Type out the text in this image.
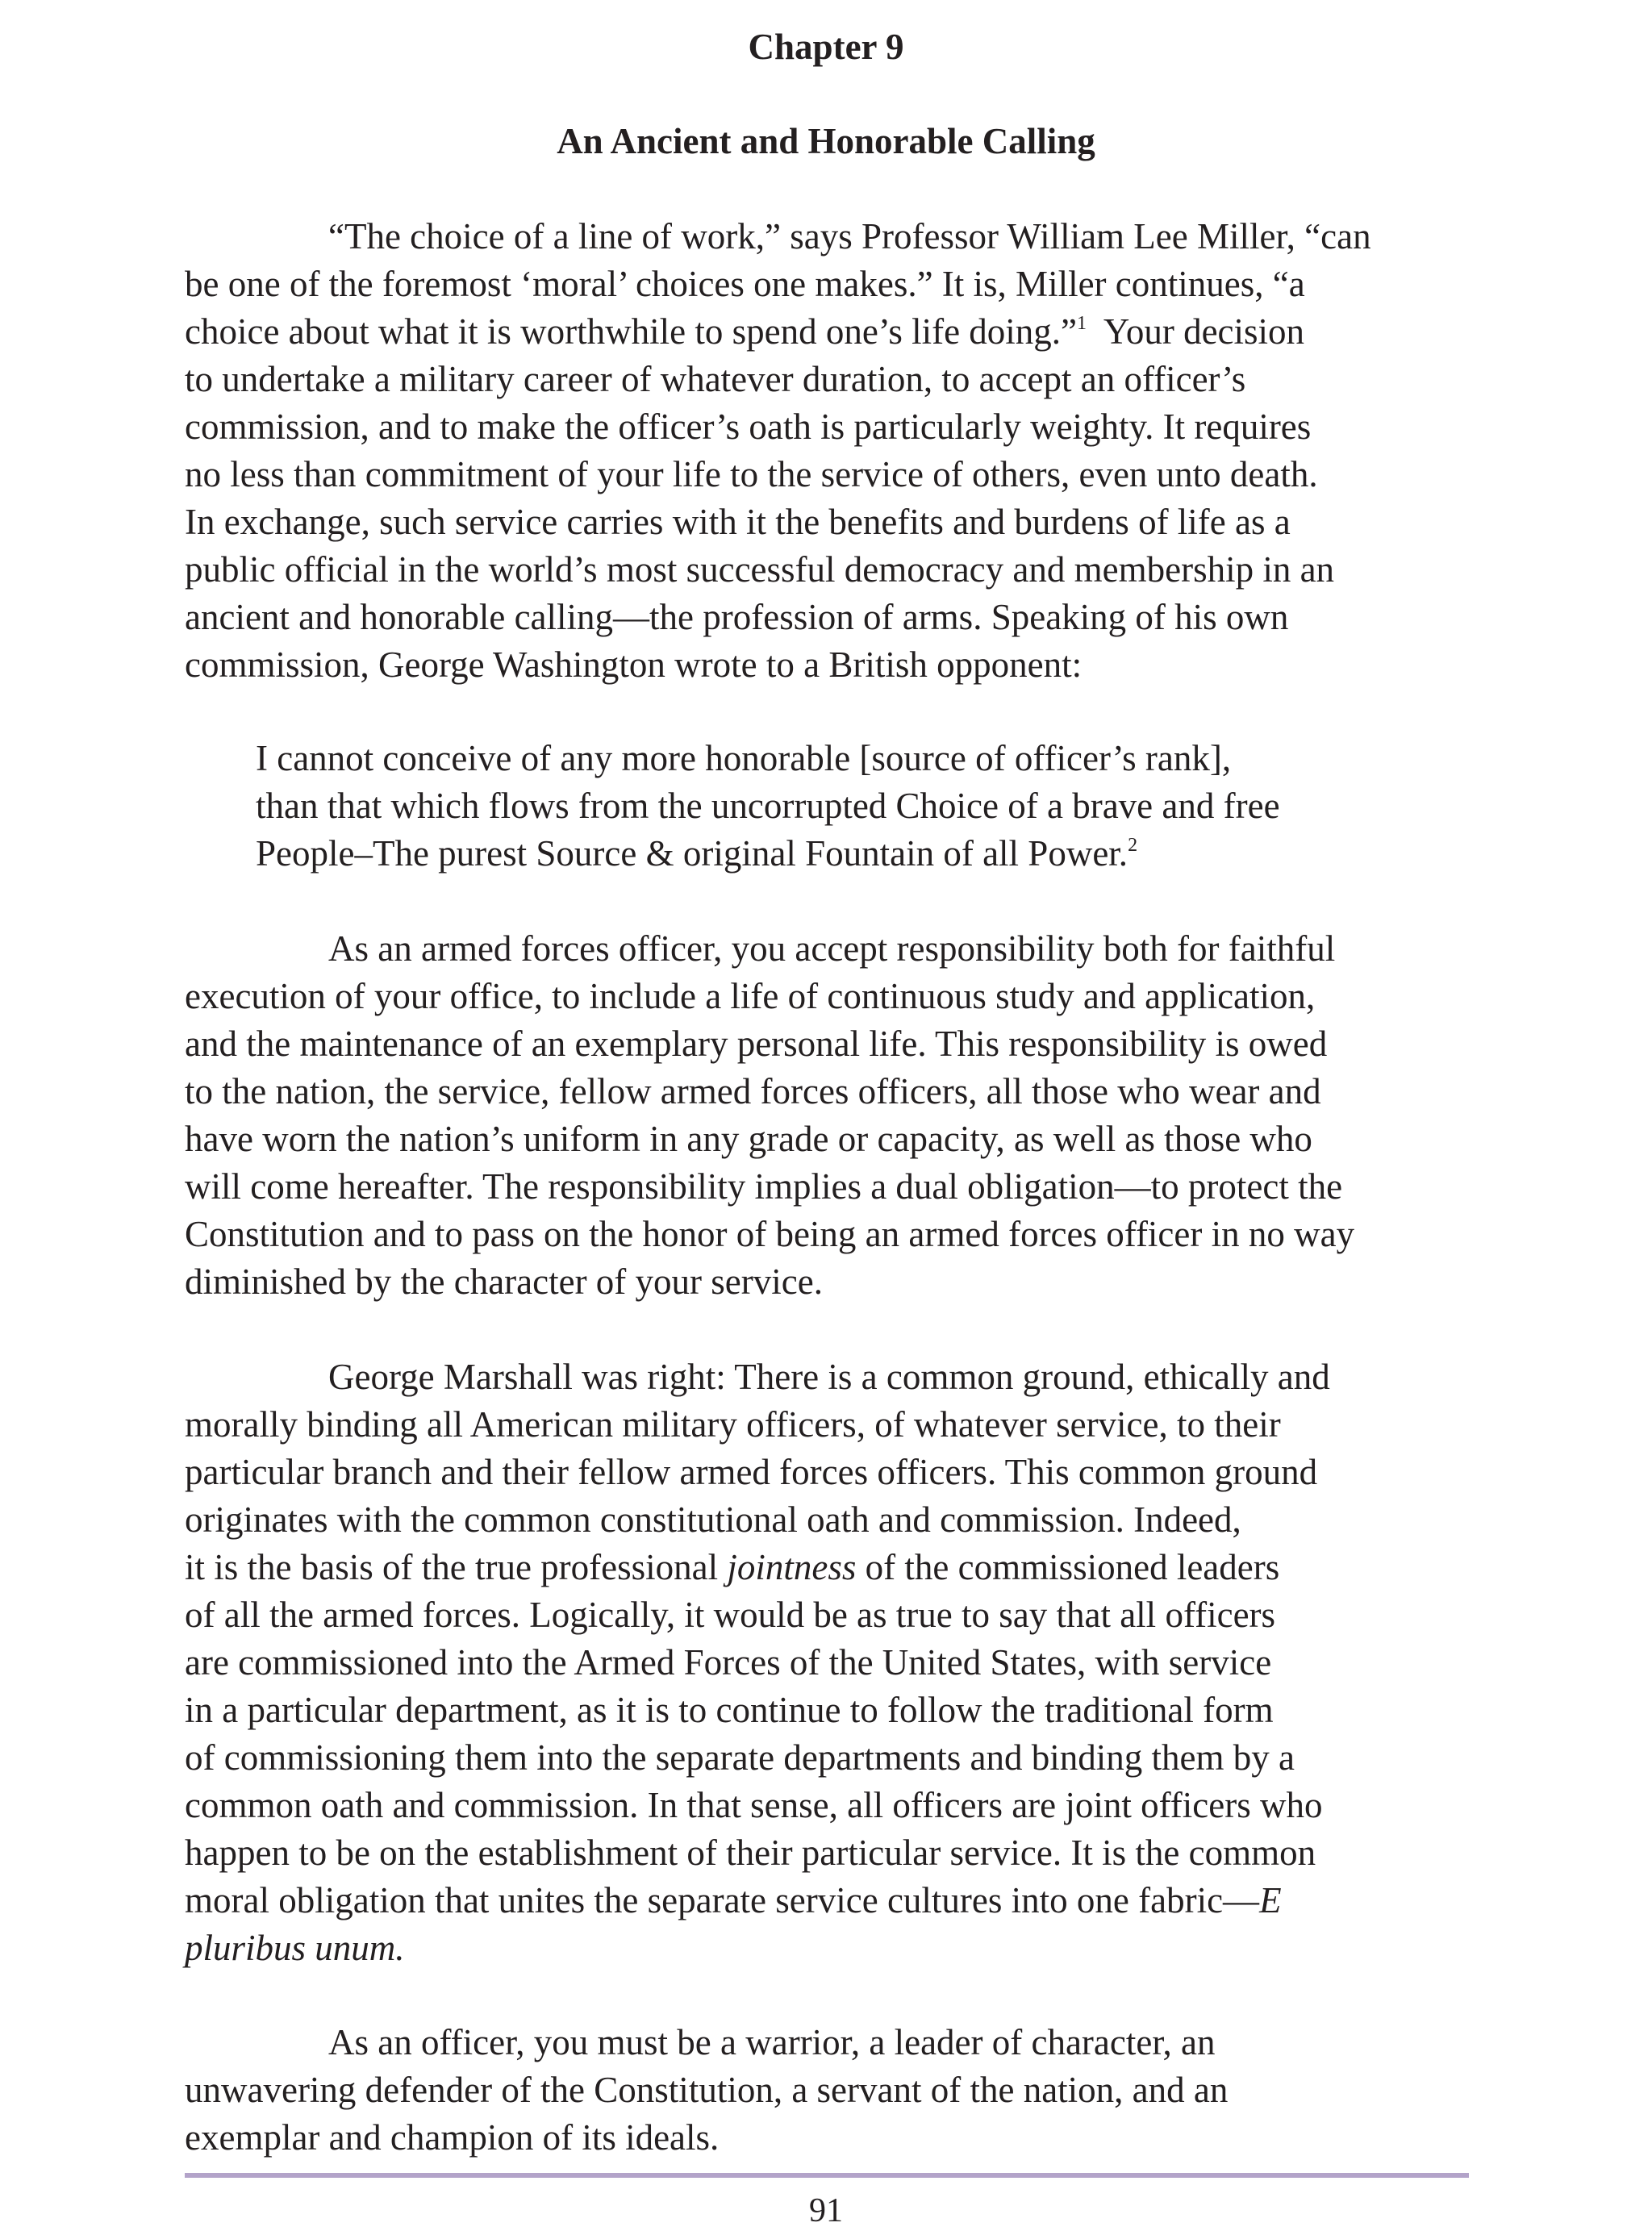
Chapter 9
An Ancient and Honorable Calling
“The choice of a line of work,” says Professor William Lee Miller, “can
be one of the foremost ‘moral’ choices one makes.” It is, Miller continues, “a
choice about what it is worthwhile to spend one’s life doing.”$^1$  Your decision
to undertake a military career of whatever duration, to accept an officer’s
commission, and to make the officer’s oath is particularly weighty. It requires
no less than commitment of your life to the service of others, even unto death.
In exchange, such service carries with it the benefits and burdens of life as a
public official in the world’s most successful democracy and membership in an
ancient and honorable calling—the profession of arms. Speaking of his own
commission, George Washington wrote to a British opponent:
I cannot conceive of any more honorable [source of officer’s rank],
than that which flows from the uncorrupted Choice of a brave and free
People–The purest Source & original Fountain of all Power.$^2$
As an armed forces officer, you accept responsibility both for faithful
execution of your office, to include a life of continuous study and application,
and the maintenance of an exemplary personal life. This responsibility is owed
to the nation, the service, fellow armed forces officers, all those who wear and
have worn the nation’s uniform in any grade or capacity, as well as those who
will come hereafter. The responsibility implies a dual obligation—to protect the
Constitution and to pass on the honor of being an armed forces officer in no way
diminished by the character of your service.
George Marshall was right: There is a common ground, ethically and
morally binding all American military officers, of whatever service, to their
particular branch and their fellow armed forces officers. This common ground
originates with the common constitutional oath and commission. Indeed,
it is the basis of the true professional jointness of the commissioned leaders
of all the armed forces. Logically, it would be as true to say that all officers
are commissioned into the Armed Forces of the United States, with service
in a particular department, as it is to continue to follow the traditional form
of commissioning them into the separate departments and binding them by a
common oath and commission. In that sense, all officers are joint officers who
happen to be on the establishment of their particular service. It is the common
moral obligation that unites the separate service cultures into one fabric—E
pluribus unum.
As an officer, you must be a warrior, a leader of character, an
unwavering defender of the Constitution, a servant of the nation, and an
exemplar and champion of its ideals.
91
